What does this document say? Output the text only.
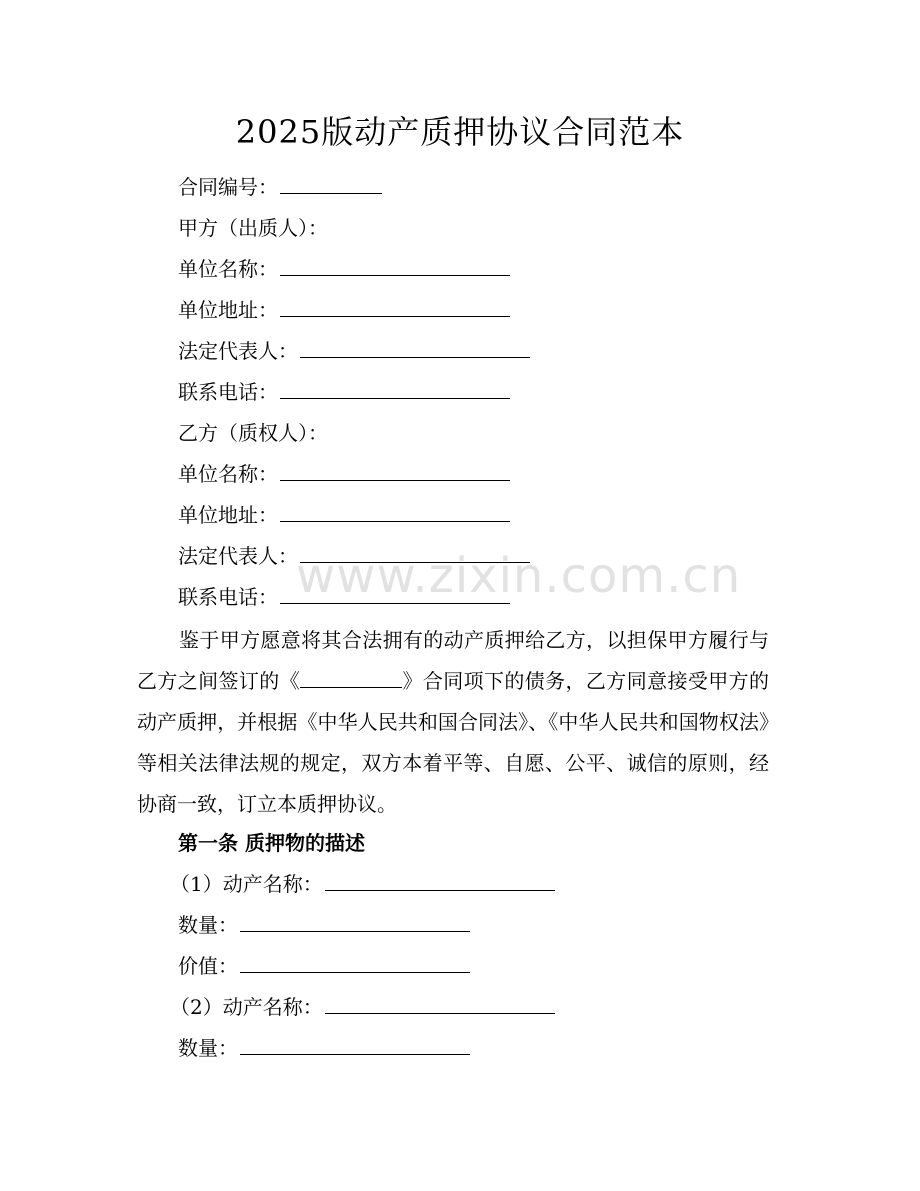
2025版动产质押协议合同范本
合同编号：
甲方（出质人）：
单位名称：
单位地址：
法定代表人：
联系电话：
乙方（质权人）：
单位名称：
单位地址：
法定代表人：
联系电话：
鉴于甲方愿意将其合法拥有的动产质押给乙方，以担保甲方履行与乙方之间签订的《	》合同项下的债务，乙方同意接受甲方的动产质押，并根据《中华人民共和国合同法》、《中华人民共和国物权法》等相关法律法规的规定，双方本着平等、自愿、公平、诚信的原则，经协商一致，订立本质押协议。
第一条 质押物的描述
（1）动产名称：
数量：
价值：
（2）动产名称：
数量：
www.zixin.com.cn
